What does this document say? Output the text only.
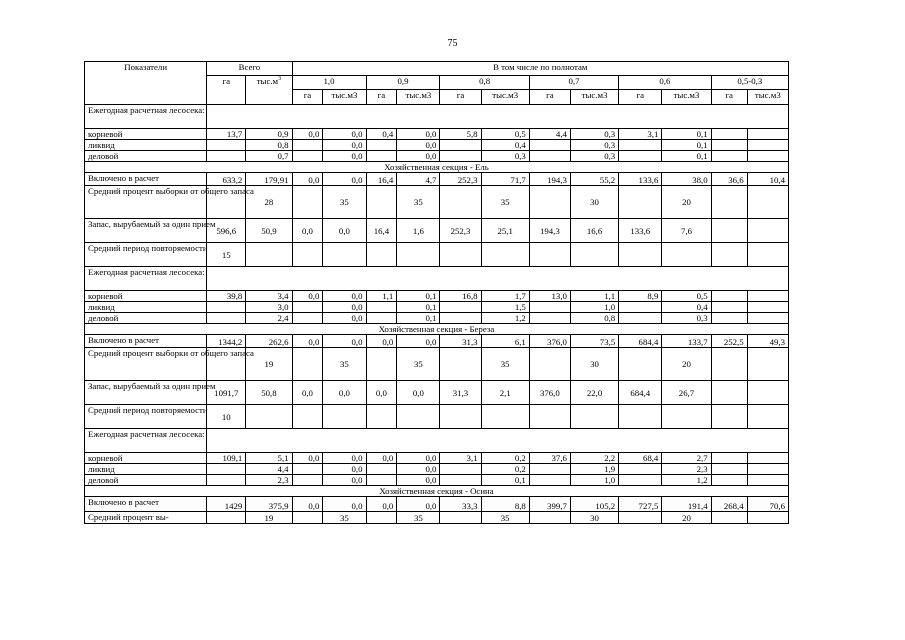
75
Показатели	Всего		В том числе по полнотам											
	га	$тыс.м^3$	1,0		0,9		0,8		0,7		0,6		0,5-0,3	
			га	тыс.м3	га	тыс.м3	га	тыс.м3	га	тыс.м3	га	тыс.м3	га	тыс.м3
Ежегодная расчетная лесосека:														
корневой	13,7	0,9	0,0	0,0	0,4	0,0	5,8	0,5	4,4	0,3	3,1	0,1		
ликвид		0,8		0,0		0,0		0,4		0,3		0,1		
деловой		0,7		0,0		0,0		0,3		0,3		0,1		
Хозяйственная секция - Ель														
Включено в расчет	633,2	179,91	0,0	0,0	16,4	4,7	252,3	71,7	194,3	55,2	133,6	38,0	36,6	10,4
Средний процент выборки от общего запаса		28		35		35		35		30		20		
Запас, вырубаемый за один прием	596,6	50,9	0,0	0,0	16,4	1,6	252,3	25,1	194,3	16,6	133,6	7,6		
Средний период повторяемости	15													
Ежегодная расчетная лесосека:														
корневой	39,8	3,4	0,0	0,0	1,1	0,1	16,8	1,7	13,0	1,1	8,9	0,5		
ликвид		3,0		0,0		0,1		1,5		1,0		0,4		
деловой		2,4		0,0		0,1		1,2		0,8		0,3		
Хозяйственная секция - Береза														
Включено в расчет	1344,2	262,6	0,0	0,0	0,0	0,0	31,3	6,1	376,0	73,5	684,4	133,7	252,5	49,3
Средний процент выборки от общего запаса		19		35		35		35		30		20		
Запас, вырубаемый за один прием	1091,7	50,8	0,0	0,0	0,0	0,0	31,3	2,1	376,0	22,0	684,4	26,7		
Средний период повторяемости	10													
Ежегодная расчетная лесосека:														
корневой	109,1	5,1	0,0	0,0	0,0	0,0	3,1	0,2	37,6	2,2	68,4	2,7		
ликвид		4,4		0,0		0,0		0,2		1,9		2,3		
деловой		2,3		0,0		0,0		0,1		1,0		1,2		
Хозяйственная секция - Осина														
Включено в расчет	1429	375,9	0,0	0,0	0,0	0,0	33,3	8,8	399,7	105,2	727,5	191,4	268,4	70,6
Средний процент вы-		19		35		35		35		30		20		
